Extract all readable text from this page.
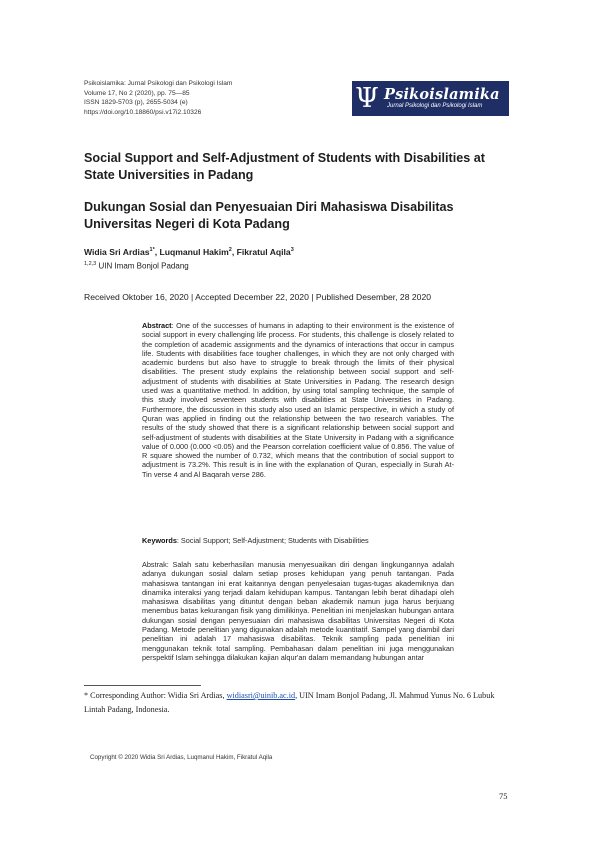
Psikoislamika: Jurnal Psikologi dan Psikologi Islam
Volume 17, No 2 (2020), pp. 75—85
ISSN 1829-5703 (p), 2655-5034 (e)
https://doi.org/10.18860/psi.v17i2.10326	Ψ Psikoislamika
Jurnal Psikologi dan Psikologi Islam
Social Support and Self-Adjustment of Students with Disabilities at State Universities in Padang
Dukungan Sosial dan Penyesuaian Diri Mahasiswa Disabilitas Universitas Negeri di Kota Padang
Widia Sri Ardias$^{1*}$, Luqmanul Hakim$^2$, Fikratul Aqila$^3$
$^{1,2,3}$ UIN Imam Bonjol Padang
Received Oktober 16, 2020 | Accepted December 22, 2020 | Published Desember, 28 2020
Abstract: One of the successes of humans in adapting to their environment is the existence of social support in every challenging life process. For students, this challenge is closely related to the completion of academic assignments and the dynamics of interactions that occur in campus life. Students with disabilities face tougher challenges, in which they are not only charged with academic burdens but also have to struggle to break through the limits of their physical disabilities. The present study explains the relationship between social support and self-adjustment of students with disabilities at State Universities in Padang. The research design used was a quantitative method. In addition, by using total sampling technique, the sample of this study involved seventeen students with disabilities at State Universities in Padang. Furthermore, the discussion in this study also used an Islamic perspective, in which a study of Quran was applied in finding out the relationship between the two research variables. The results of the study showed that there is a significant relationship between social support and self-adjustment of students with disabilities at the State University in Padang with a significance value of 0.000 (0.000 <0.05) and the Pearson correlation coefficient value of 0.856. The value of R square showed the number of 0.732, which means that the contribution of social support to adjustment is 73.2%. This result is in line with the explanation of Quran, especially in Surah At-Tin verse 4 and Al Baqarah verse 286.
Keywords: Social Support; Self-Adjustment; Students with Disabilities
Abstrak: Salah satu keberhasilan manusia menyesuaikan diri dengan lingkungannya adalah adanya dukungan sosial dalam setiap proses kehidupan yang penuh tantangan. Pada mahasiswa tantangan ini erat kaitannya dengan penyelesaian tugas-tugas akademiknya dan dinamika interaksi yang terjadi dalam kehidupan kampus. Tantangan lebih berat dihadapi oleh mahasiswa disabilitas yang dituntut dengan beban akademik namun juga harus berjuang menembus batas kekurangan fisik yang dimilikinya. Penelitian ini menjelaskan hubungan antara dukungan sosial dengan penyesuaian diri mahasiswa disabilitas Universitas Negeri di Kota Padang. Metode penelitian yang digunakan adalah metode kuantitatif. Sampel yang diambil dari penelitian ini adalah 17 mahasiswa disabilitas. Teknik sampling pada penelitian ini menggunakan teknik total sampling. Pembahasan dalam penelitian ini juga menggunakan perspektif Islam sehingga dilakukan kajian alqur'an dalam memandang hubungan antar
* Corresponding Author: Widia Sri Ardias, widiasri@uinib.ac.id, UIN Imam Bonjol Padang, Jl. Mahmud Yunus No. 6 Lubuk Lintah Padang, Indonesia.
Copyright © 2020 Widia Sri Ardias, Luqmanul Hakim, Fikratul Aqila
75
